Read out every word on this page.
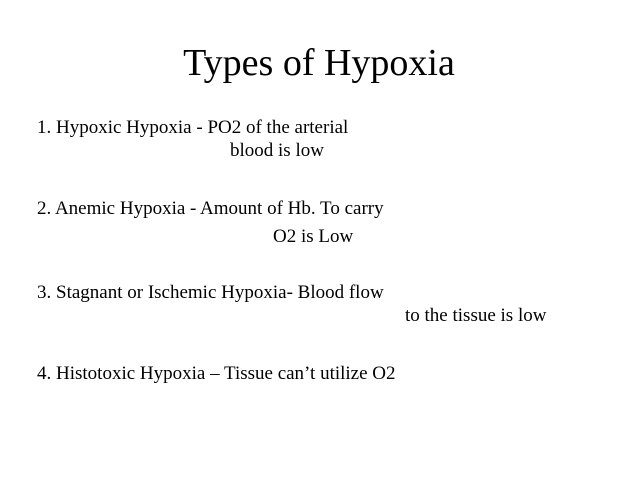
Types of Hypoxia
1. Hypoxic Hypoxia - PO2 of the arterial
blood is low
2. Anemic Hypoxia - Amount of Hb. To carry
O2 is Low
3. Stagnant or Ischemic Hypoxia- Blood flow
to the tissue is low
4. Histotoxic Hypoxia – Tissue can’t utilize O2
